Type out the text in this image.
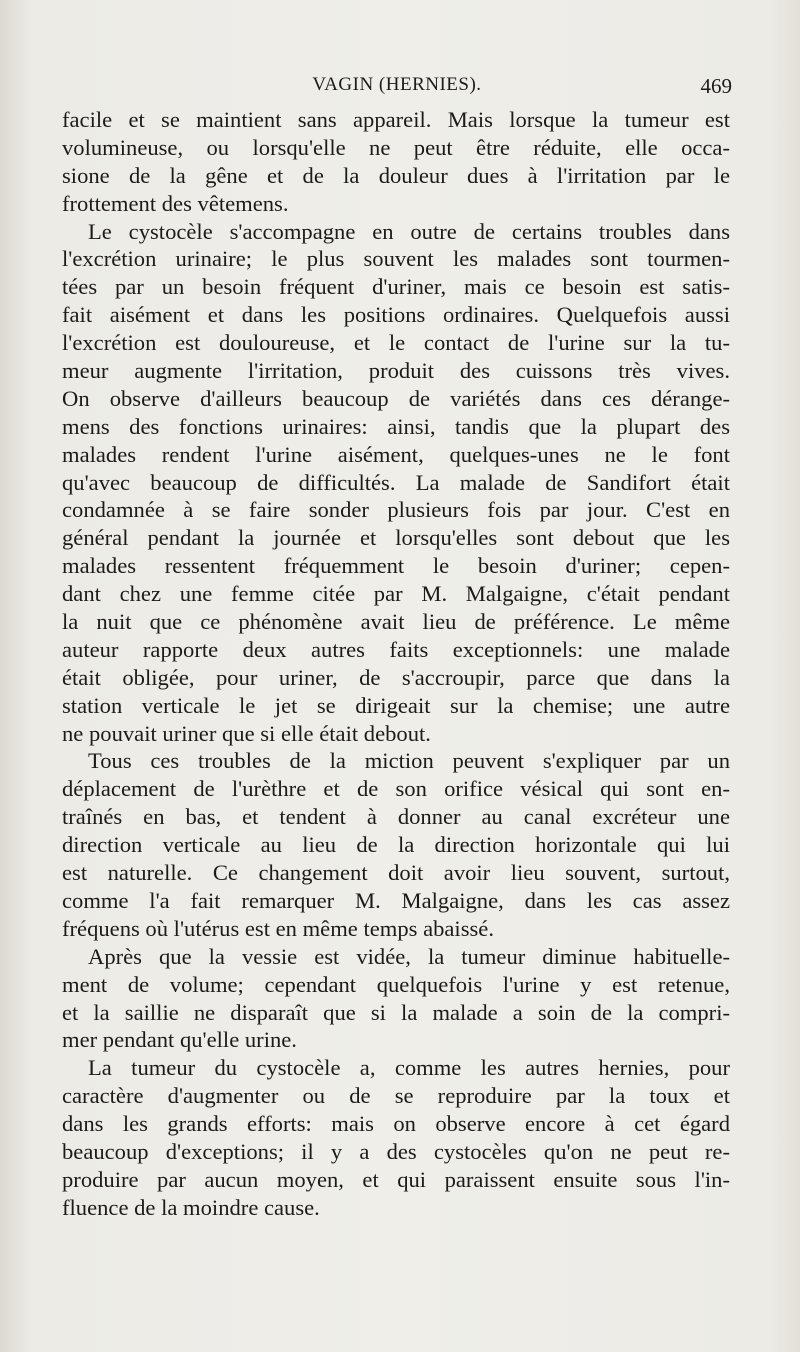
VAGIN (HERNIES).	469
facile et se maintient sans appareil. Mais lorsque la tumeur est
volumineuse, ou lorsqu'elle ne peut être réduite, elle occa-
sione de la gêne et de la douleur dues à l'irritation par le
frottement des vêtemens.
Le cystocèle s'accompagne en outre de certains troubles dans
l'excrétion urinaire; le plus souvent les malades sont tourmen-
tées par un besoin fréquent d'uriner, mais ce besoin est satis-
fait aisément et dans les positions ordinaires. Quelquefois aussi
l'excrétion est douloureuse, et le contact de l'urine sur la tu-
meur augmente l'irritation, produit des cuissons très vives.
On observe d'ailleurs beaucoup de variétés dans ces dérange-
mens des fonctions urinaires: ainsi, tandis que la plupart des
malades rendent l'urine aisément, quelques-unes ne le font
qu'avec beaucoup de difficultés. La malade de Sandifort était
condamnée à se faire sonder plusieurs fois par jour. C'est en
général pendant la journée et lorsqu'elles sont debout que les
malades ressentent fréquemment le besoin d'uriner; cepen-
dant chez une femme citée par M. Malgaigne, c'était pendant
la nuit que ce phénomène avait lieu de préférence. Le même
auteur rapporte deux autres faits exceptionnels: une malade
était obligée, pour uriner, de s'accroupir, parce que dans la
station verticale le jet se dirigeait sur la chemise; une autre
ne pouvait uriner que si elle était debout.
Tous ces troubles de la miction peuvent s'expliquer par un
déplacement de l'urèthre et de son orifice vésical qui sont en-
traînés en bas, et tendent à donner au canal excréteur une
direction verticale au lieu de la direction horizontale qui lui
est naturelle. Ce changement doit avoir lieu souvent, surtout,
comme l'a fait remarquer M. Malgaigne, dans les cas assez
fréquens où l'utérus est en même temps abaissé.
Après que la vessie est vidée, la tumeur diminue habituelle-
ment de volume; cependant quelquefois l'urine y est retenue,
et la saillie ne disparaît que si la malade a soin de la compri-
mer pendant qu'elle urine.
La tumeur du cystocèle a, comme les autres hernies, pour
caractère d'augmenter ou de se reproduire par la toux et
dans les grands efforts: mais on observe encore à cet égard
beaucoup d'exceptions; il y a des cystocèles qu'on ne peut re-
produire par aucun moyen, et qui paraissent ensuite sous l'in-
fluence de la moindre cause.
